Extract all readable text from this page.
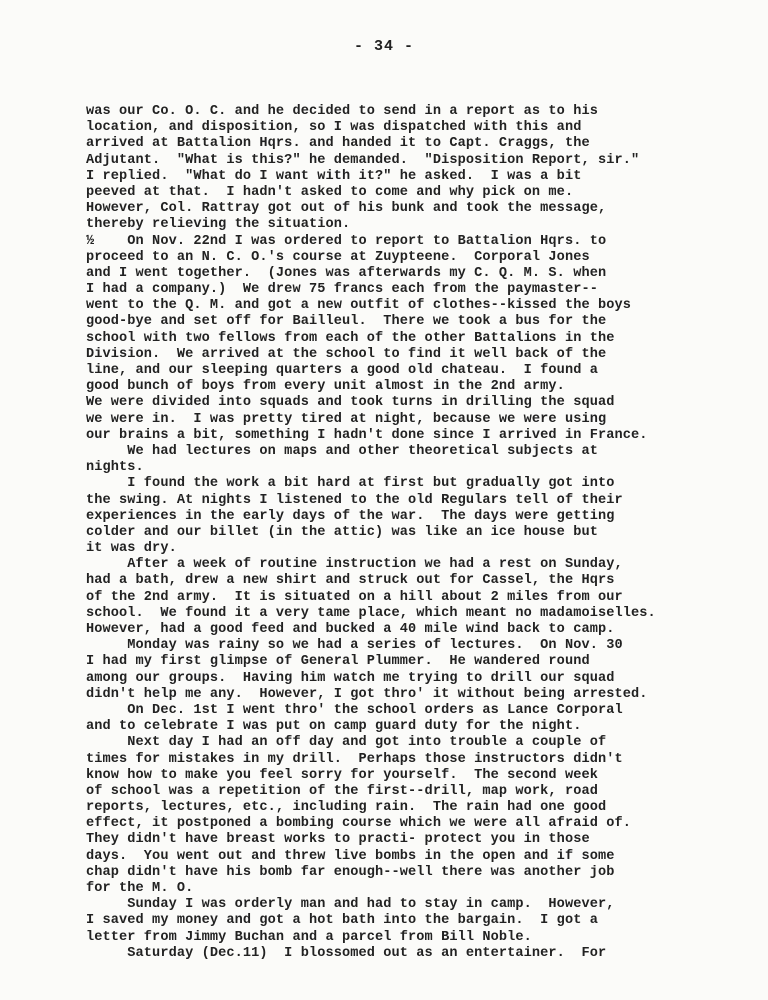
- 34 -
was our Co. O. C. and he decided to send in a report as to his
location, and disposition, so I was dispatched with this and
arrived at Battalion Hqrs. and handed it to Capt. Craggs, the
Adjutant.  "What is this?" he demanded.  "Disposition Report, sir."
I replied.  "What do I want with it?" he asked.  I was a bit
peeved at that.  I hadn't asked to come and why pick on me.
However, Col. Rattray got out of his bunk and took the message,
thereby relieving the situation.
½    On Nov. 22nd I was ordered to report to Battalion Hqrs. to
proceed to an N. C. O.'s course at Zuypteene.  Corporal Jones
and I went together.  (Jones was afterwards my C. Q. M. S. when
I had a company.)  We drew 75 francs each from the paymaster--
went to the Q. M. and got a new outfit of clothes--kissed the boys
good-bye and set off for Bailleul.  There we took a bus for the
school with two fellows from each of the other Battalions in the
Division.  We arrived at the school to find it well back of the
line, and our sleeping quarters a good old chateau.  I found a
good bunch of boys from every unit almost in the 2nd army.
We were divided into squads and took turns in drilling the squad
we were in.  I was pretty tired at night, because we were using
our brains a bit, something I hadn't done since I arrived in France.
We had lectures on maps and other theoretical subjects at
nights.
I found the work a bit hard at first but gradually got into
the swing. At nights I listened to the old Regulars tell of their
experiences in the early days of the war.  The days were getting
colder and our billet (in the attic) was like an ice house but
it was dry.
After a week of routine instruction we had a rest on Sunday,
had a bath, drew a new shirt and struck out for Cassel, the Hqrs
of the 2nd army.  It is situated on a hill about 2 miles from our
school.  We found it a very tame place, which meant no madamoiselles.
However, had a good feed and bucked a 40 mile wind back to camp.
Monday was rainy so we had a series of lectures.  On Nov. 30
I had my first glimpse of General Plummer.  He wandered round
among our groups.  Having him watch me trying to drill our squad
didn't help me any.  However, I got thro' it without being arrested.
On Dec. 1st I went thro' the school orders as Lance Corporal
and to celebrate I was put on camp guard duty for the night.
Next day I had an off day and got into trouble a couple of
times for mistakes in my drill.  Perhaps those instructors didn't
know how to make you feel sorry for yourself.  The second week
of school was a repetition of the first--drill, map work, road
reports, lectures, etc., including rain.  The rain had one good
effect, it postponed a bombing course which we were all afraid of.
They didn't have breast works to practi- protect you in those
days.  You went out and threw live bombs in the open and if some
chap didn't have his bomb far enough--well there was another job
for the M. O.
Sunday I was orderly man and had to stay in camp.  However,
I saved my money and got a hot bath into the bargain.  I got a
letter from Jimmy Buchan and a parcel from Bill Noble.
Saturday (Dec.11)  I blossomed out as an entertainer.  For
